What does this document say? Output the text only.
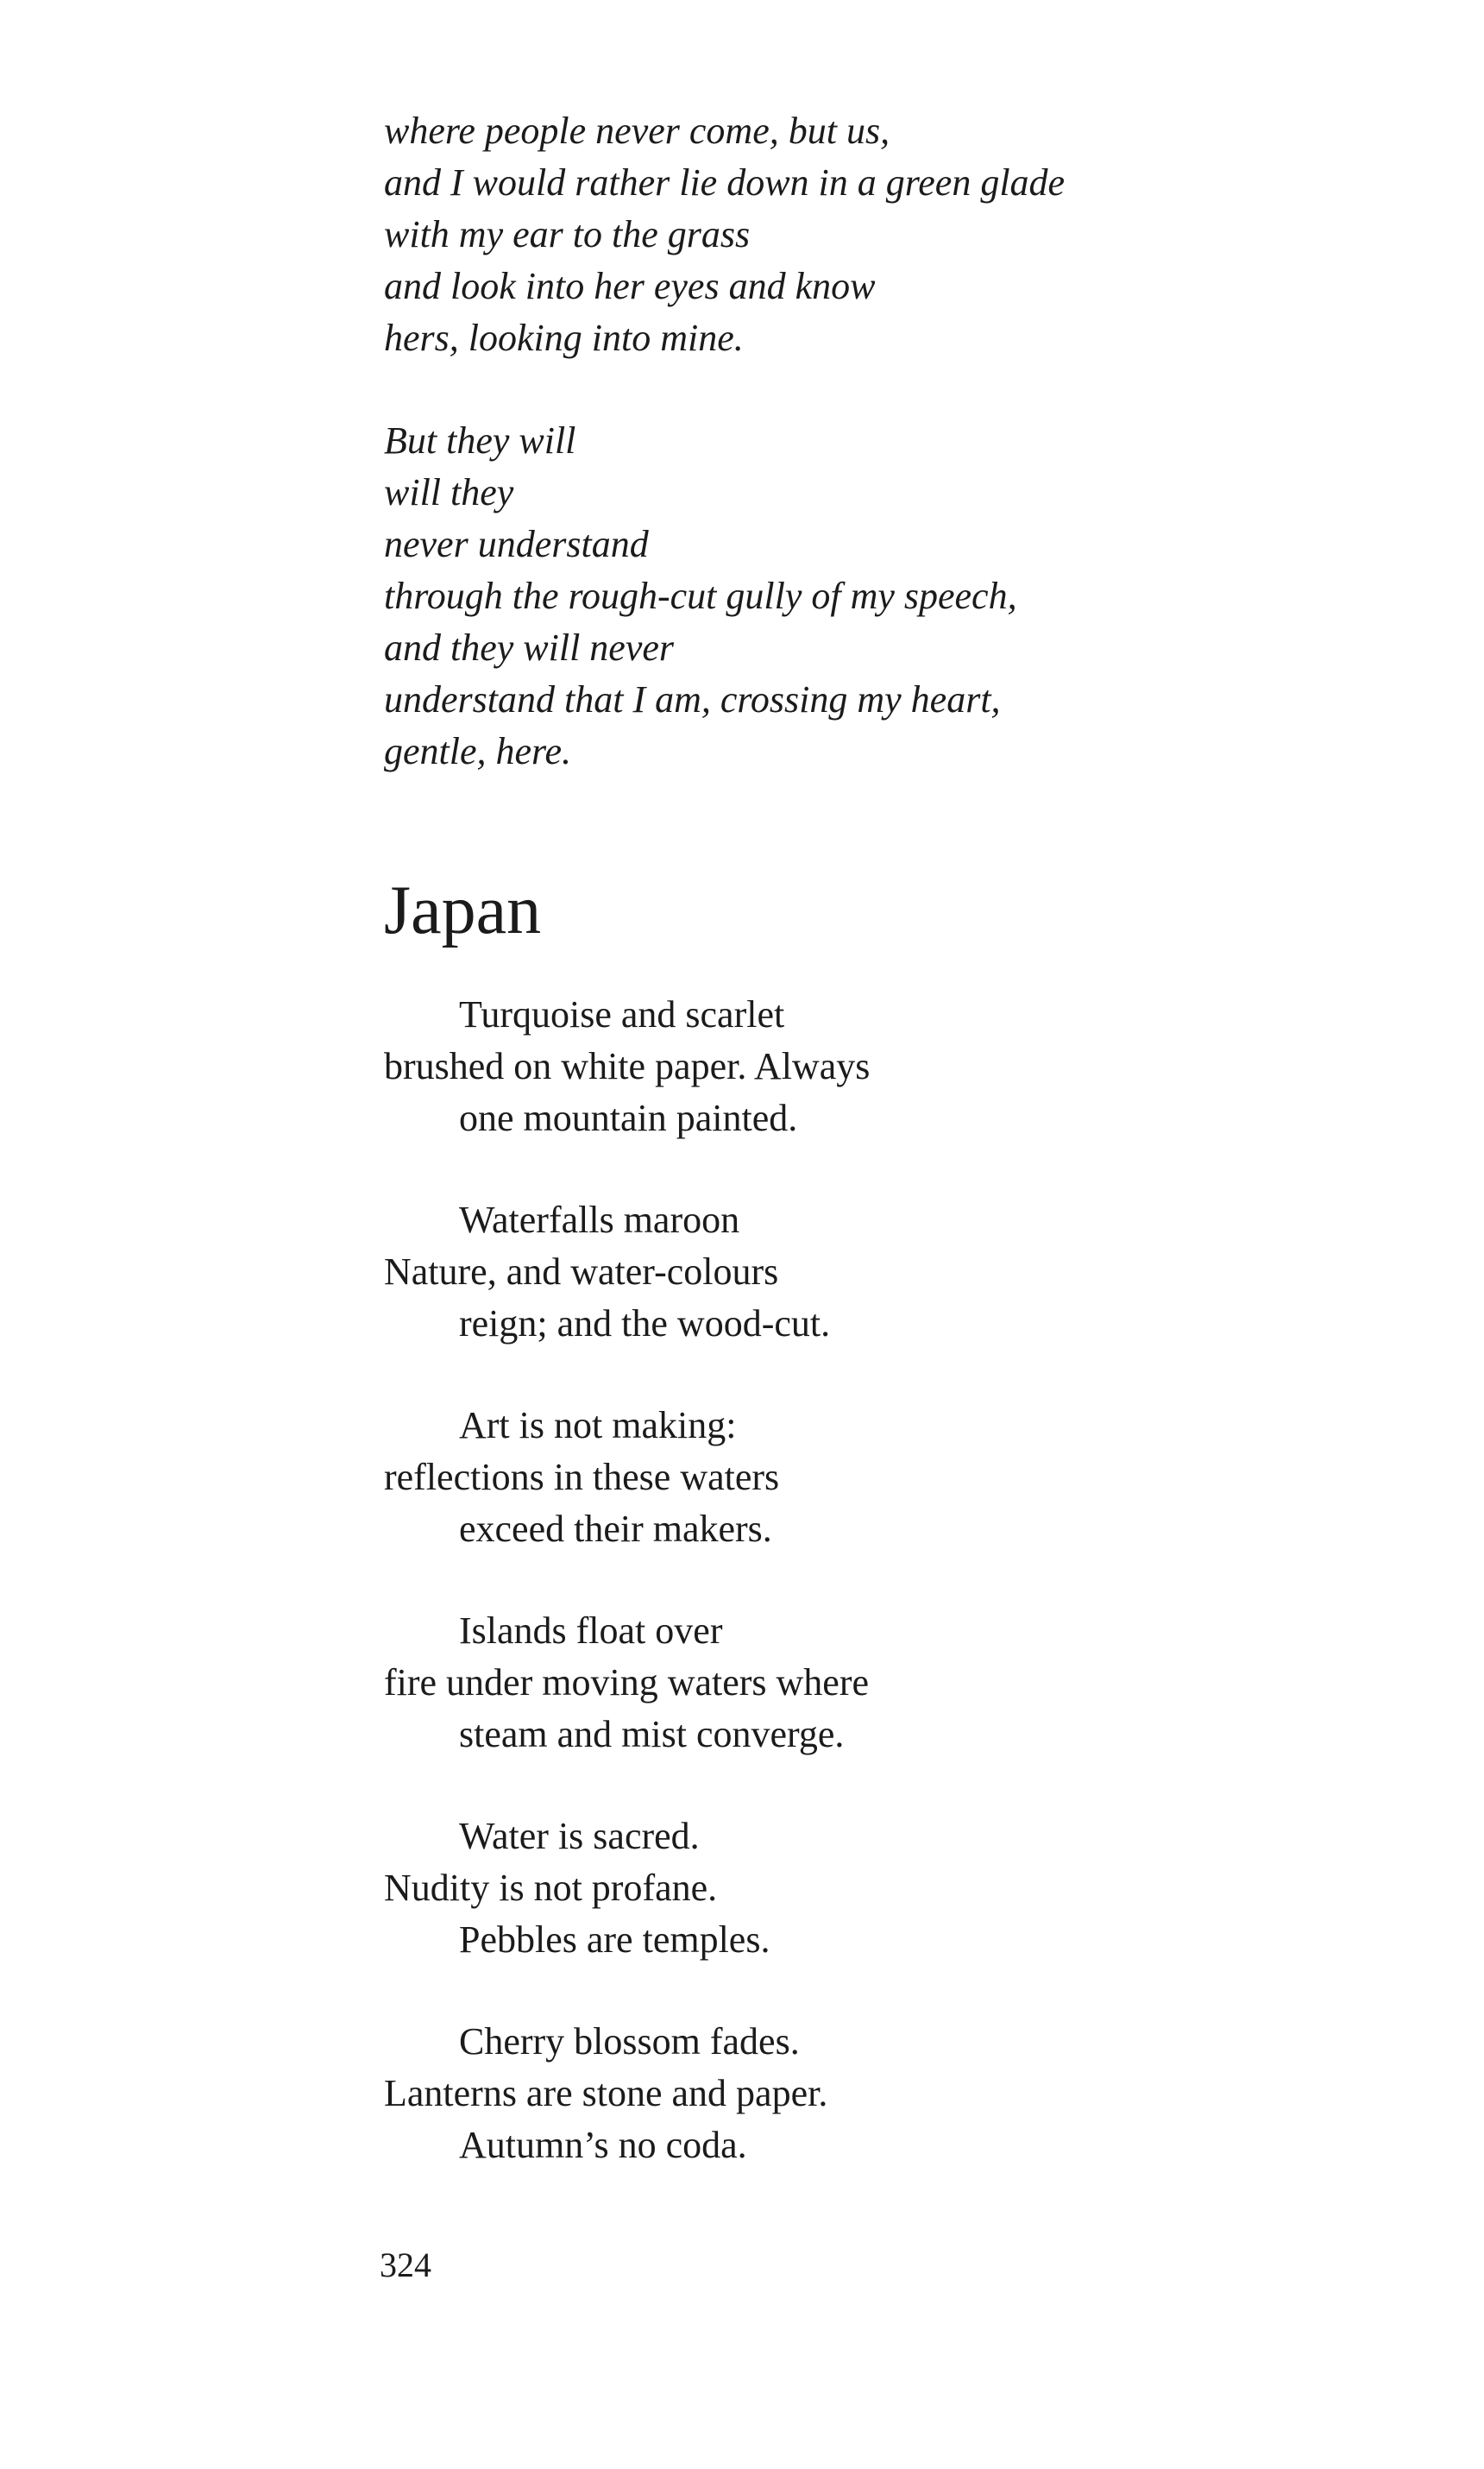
where people never come, but us,
and I would rather lie down in a green glade
with my ear to the grass
and look into her eyes and know
hers, looking into mine.
But they will
will they
never understand
through the rough-cut gully of my speech,
and they will never
understand that I am, crossing my heart,
gentle, here.
Japan
Turquoise and scarlet
brushed on white paper. Always
one mountain painted.
Waterfalls maroon
Nature, and water-colours
reign; and the wood-cut.
Art is not making:
reflections in these waters
exceed their makers.
Islands float over
fire under moving waters where
steam and mist converge.
Water is sacred.
Nudity is not profane.
Pebbles are temples.
Cherry blossom fades.
Lanterns are stone and paper.
Autumn’s no coda.
324
